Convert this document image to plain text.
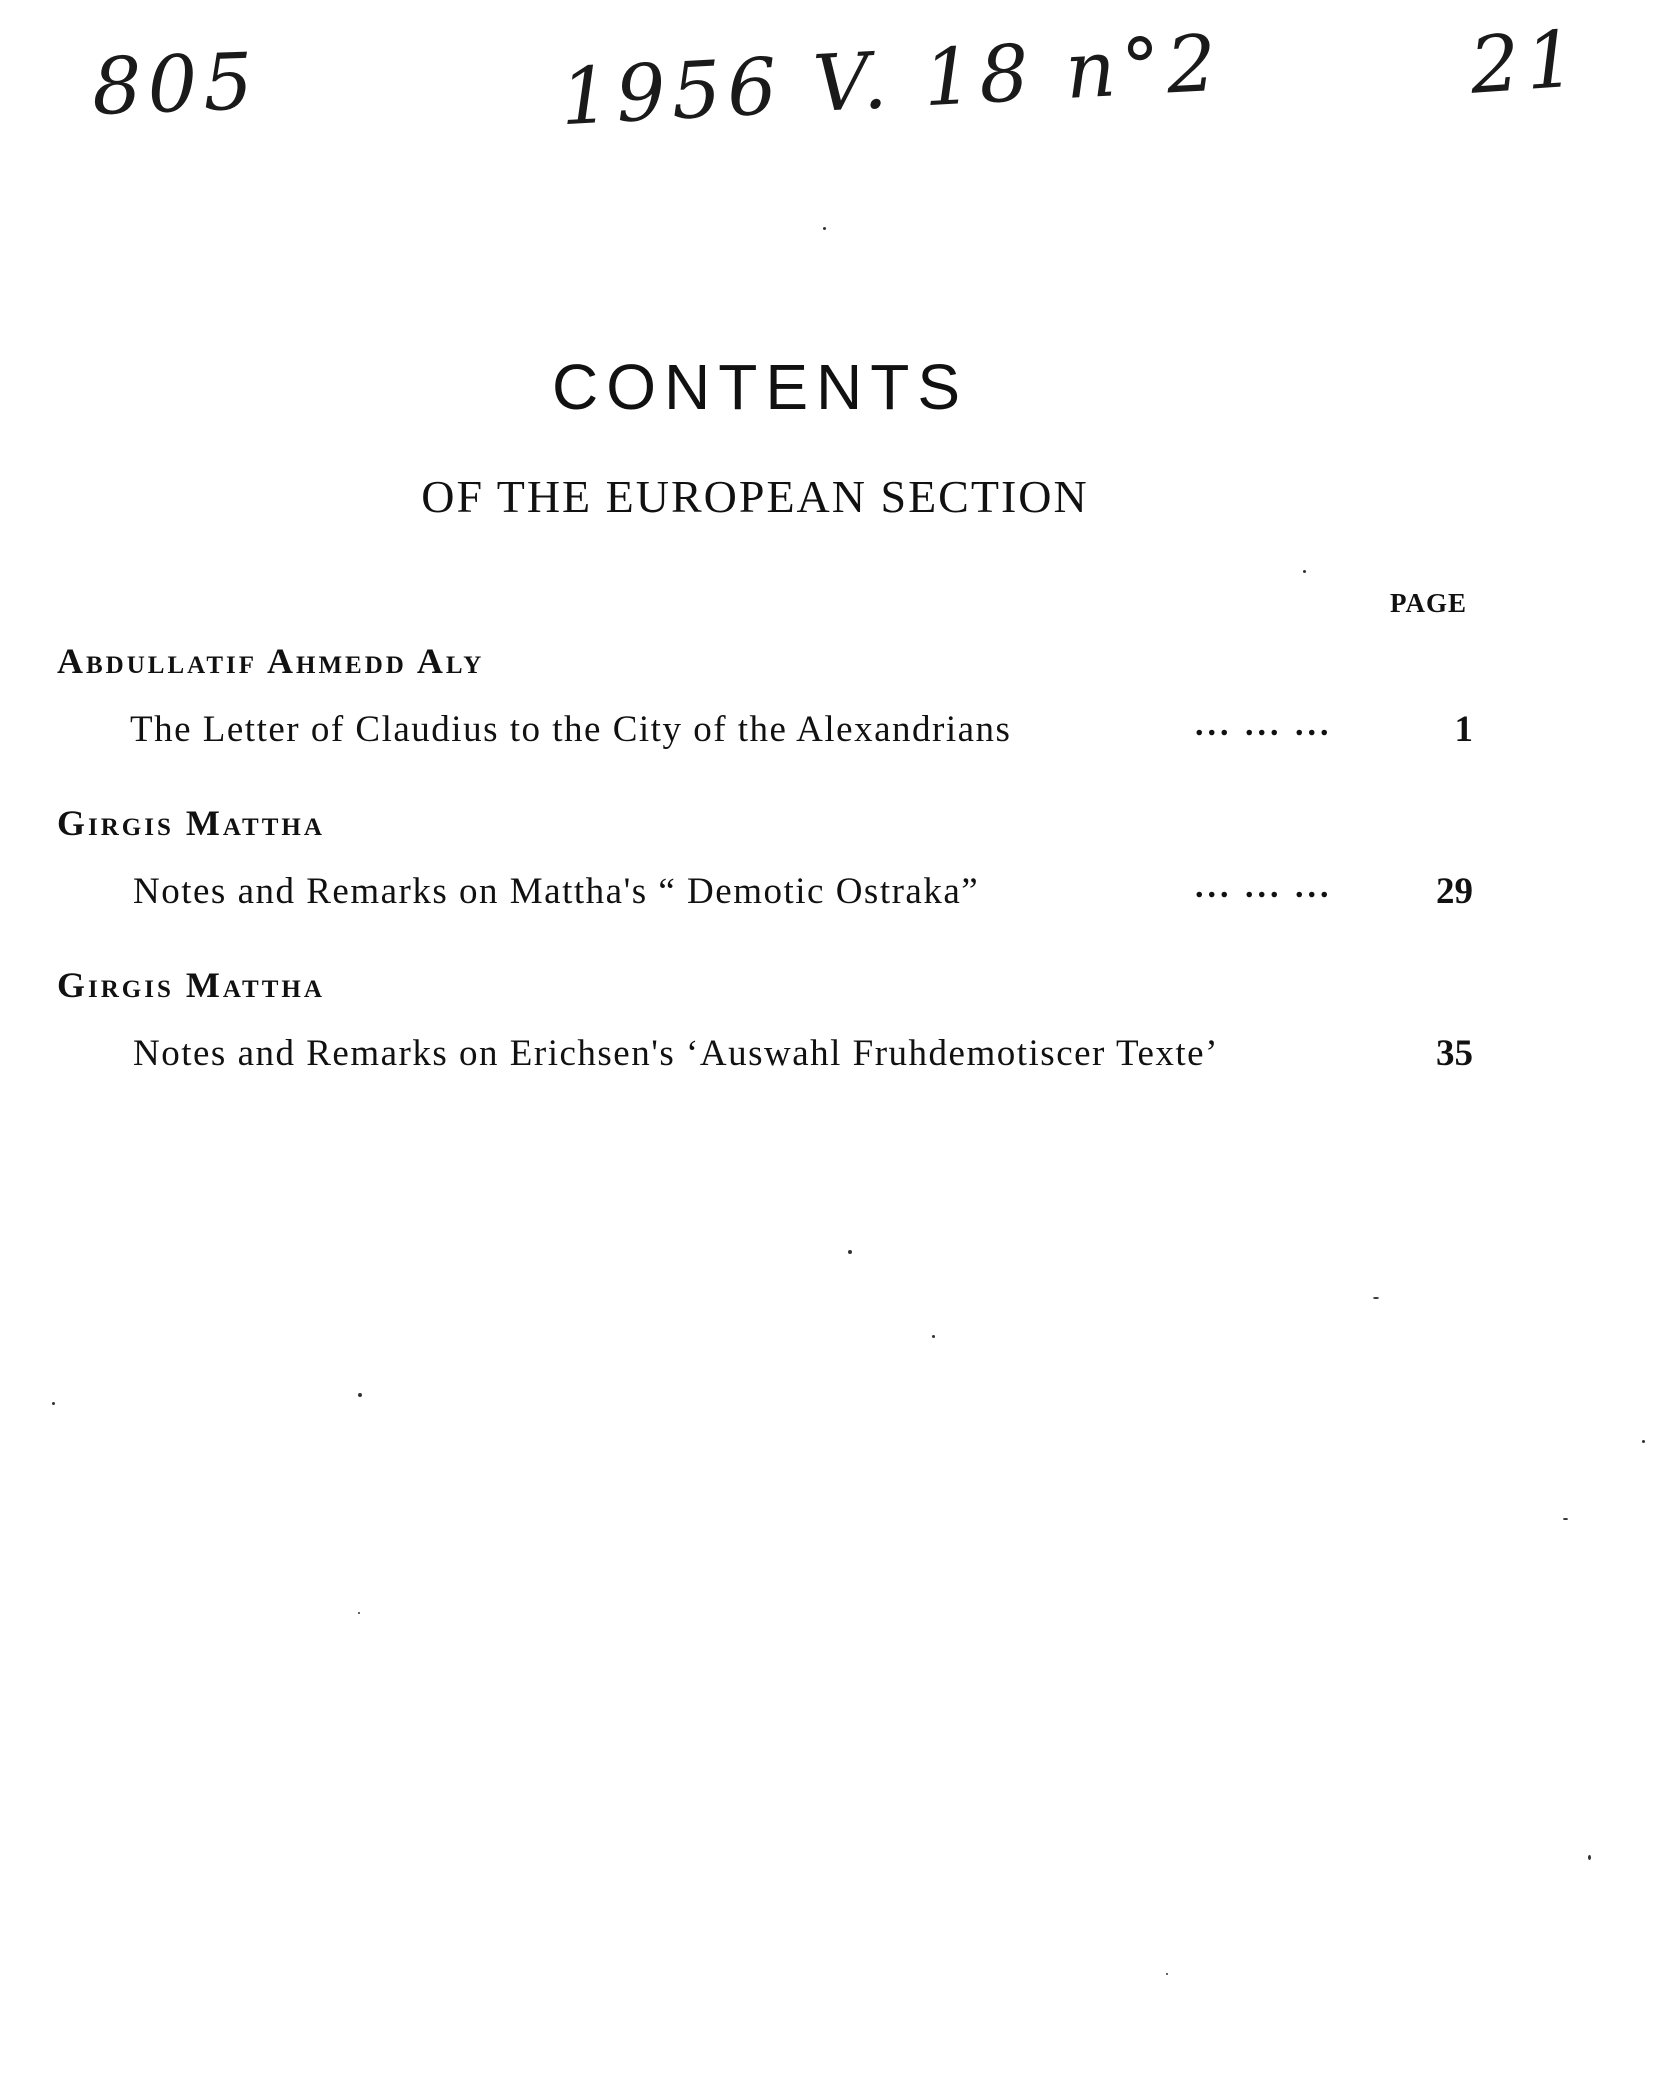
805	1956 V. 18 n°2	21
CONTENTS
OF THE EUROPEAN SECTION
PAGE
Abdullatif Ahmedd Aly
The Letter of Claudius to the City of the Alexandrians	... ... ...	1
Girgis Mattha
Notes and Remarks on Mattha's “ Demotic Ostraka”	... ... ...	29
Girgis Mattha
Notes and Remarks on Erichsen's ‘Auswahl Fruhdemotiscer Texte’	35
